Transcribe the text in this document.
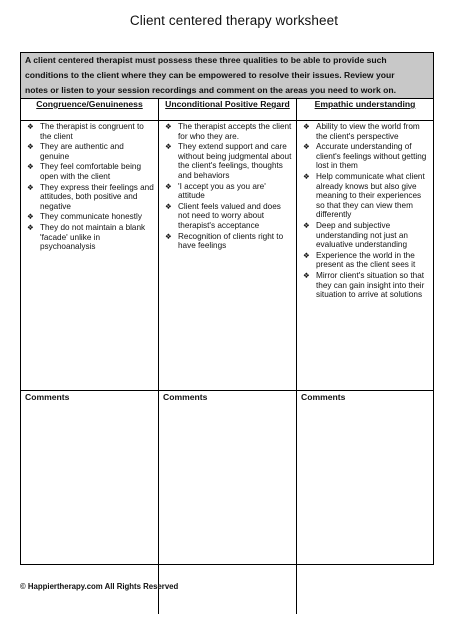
Client centered therapy worksheet
A client centered therapist must possess these three qualities to be able to provide such
conditions to the client where they can be empowered to resolve their issues. Review your
notes or listen to your session recordings and comment on the areas you need to work on.
Congruence/Genuineness
❖ The therapist is congruent to the client
❖ They are authentic and genuine
❖ They feel comfortable being open with the client
❖ They express their feelings and attitudes, both positive and negative
❖ They communicate honestly
❖ They do not maintain a blank 'facade' unlike in psychoanalysis
Unconditional Positive Regard
❖ The therapist accepts the client for who they are.
❖ They extend support and care without being judgmental about the client's feelings, thoughts and behaviors
❖ 'I accept you as you are' attitude
❖ Client feels valued and does not need to worry about therapist's acceptance
❖ Recognition of clients right to have feelings
Empathic understanding
❖ Ability to view the world from the client's perspective
❖ Accurate understanding of client's feelings without getting lost in them
❖ Help communicate what client already knows but also give meaning to their experiences so that they can view them differently
❖ Deep and subjective understanding not just an evaluative understanding
❖ Experience the world in the present as the client sees it
❖ Mirror client's situation so that they can gain insight into their situation to arrive at solutions
Comments	Comments	Comments
© Happiertherapy.com All Rights Reserved
